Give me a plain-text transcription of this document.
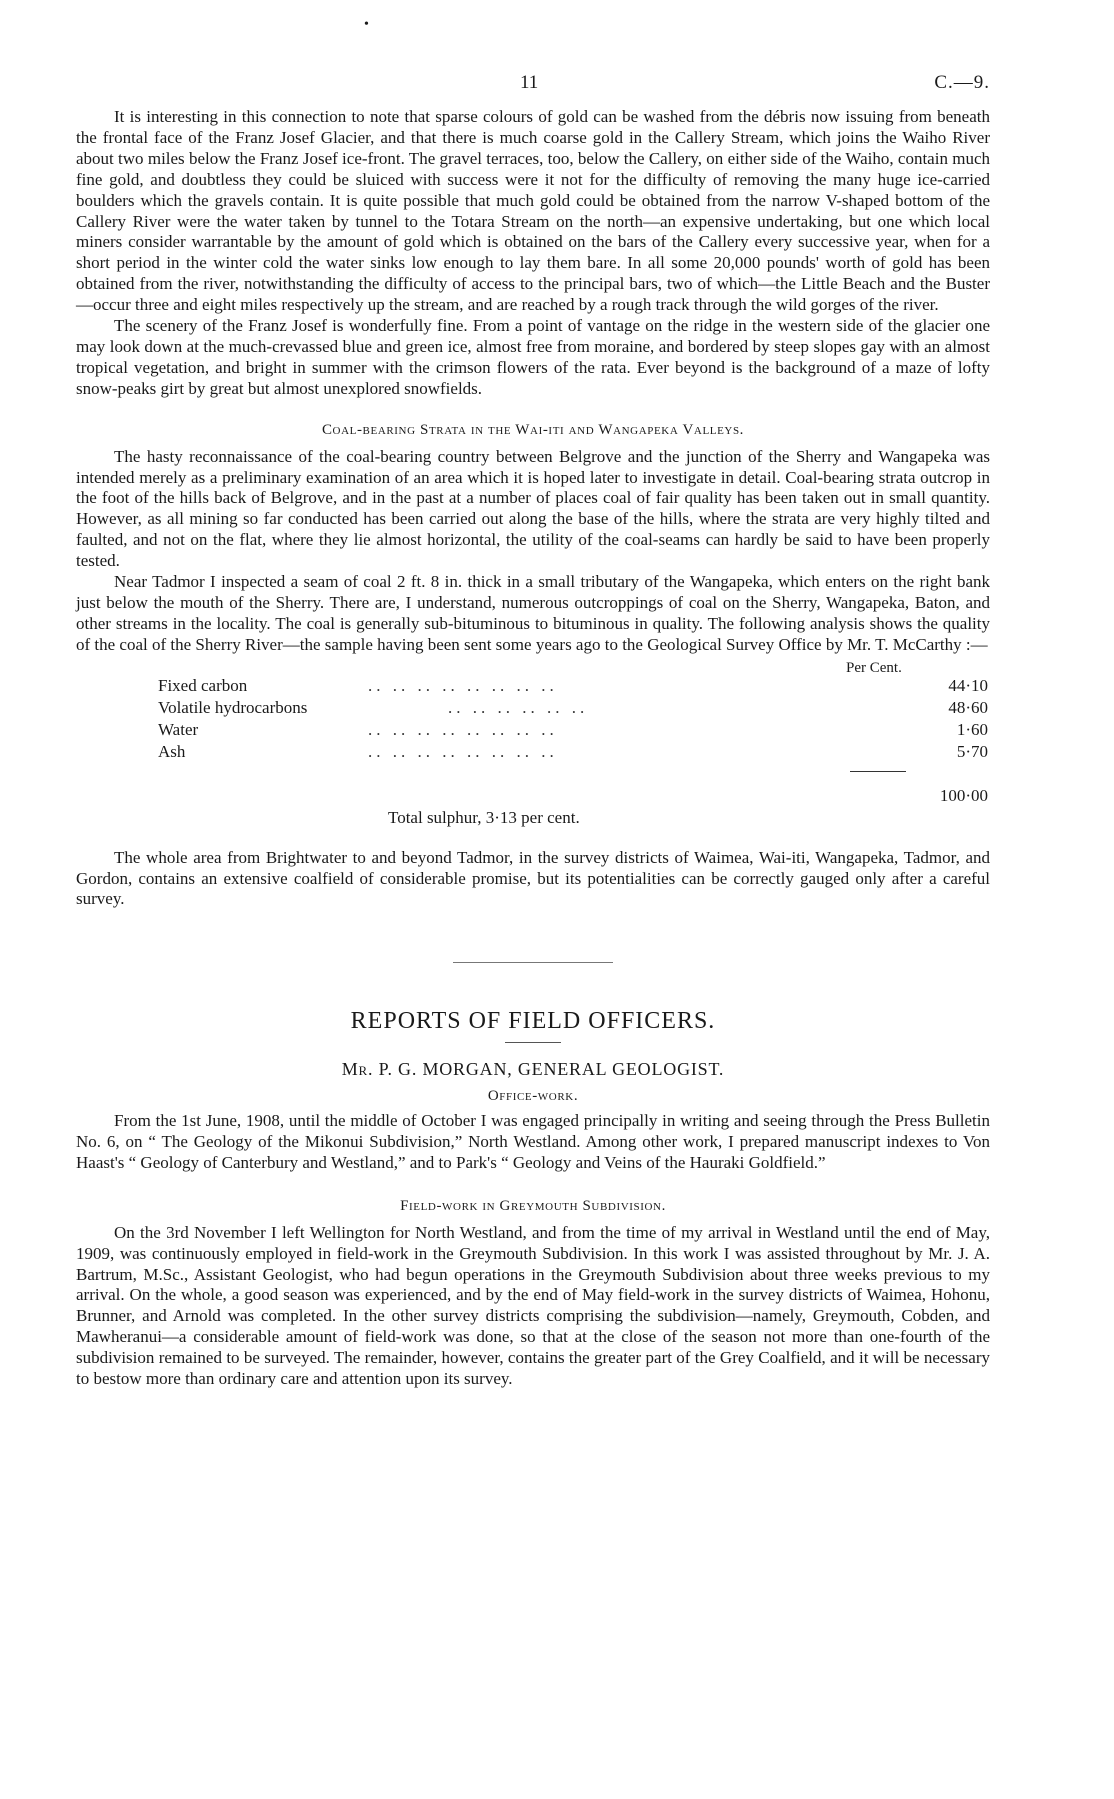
•
11	C.—9.

It is interesting in this connection to note that sparse colours of gold can be washed from the débris now issuing from beneath the frontal face of the Franz Josef Glacier, and that there is much coarse gold in the Callery Stream, which joins the Waiho River about two miles below the Franz Josef ice-front. The gravel terraces, too, below the Callery, on either side of the Waiho, contain much fine gold, and doubtless they could be sluiced with success were it not for the difficulty of removing the many huge ice-carried boulders which the gravels contain. It is quite possible that much gold could be obtained from the narrow V-shaped bottom of the Callery River were the water taken by tunnel to the Totara Stream on the north—an expensive undertaking, but one which local miners consider warrantable by the amount of gold which is obtained on the bars of the Callery every successive year, when for a short period in the winter cold the water sinks low enough to lay them bare. In all some 20,000 pounds' worth of gold has been obtained from the river, notwithstanding the difficulty of access to the principal bars, two of which—the Little Beach and the Buster—occur three and eight miles respectively up the stream, and are reached by a rough track through the wild gorges of the river.

The scenery of the Franz Josef is wonderfully fine. From a point of vantage on the ridge in the western side of the glacier one may look down at the much-crevassed blue and green ice, almost free from moraine, and bordered by steep slopes gay with an almost tropical vegetation, and bright in summer with the crimson flowers of the rata. Ever beyond is the background of a maze of lofty snow-peaks girt by great but almost unexplored snowfields.

Coal-bearing Strata in the Wai-iti and Wangapeka Valleys.

The hasty reconnaissance of the coal-bearing country between Belgrove and the junction of the Sherry and Wangapeka was intended merely as a preliminary examination of an area which it is hoped later to investigate in detail. Coal-bearing strata outcrop in the foot of the hills back of Belgrove, and in the past at a number of places coal of fair quality has been taken out in small quantity. However, as all mining so far conducted has been carried out along the base of the hills, where the strata are very highly tilted and faulted, and not on the flat, where they lie almost horizontal, the utility of the coal-seams can hardly be said to have been properly tested.

Near Tadmor I inspected a seam of coal 2 ft. 8 in. thick in a small tributary of the Wangapeka, which enters on the right bank just below the mouth of the Sherry. There are, I understand, numerous outcroppings of coal on the Sherry, Wangapeka, Baton, and other streams in the locality. The coal is generally sub-bituminous to bituminous in quality. The following analysis shows the quality of the coal of the Sherry River—the sample having been sent some years ago to the Geological Survey Office by Mr. T. McCarthy :—

Per Cent.
Fixed carbon	.. .. .. .. .. .. .. ..	44·10
Volatile hydrocarbons	.. .. .. .. .. ..	48·60
Water	.. .. .. .. .. .. .. ..	1·60
Ash	.. .. .. .. .. .. .. ..	5·70
100·00
Total sulphur, 3·13 per cent.

The whole area from Brightwater to and beyond Tadmor, in the survey districts of Waimea, Wai-iti, Wangapeka, Tadmor, and Gordon, contains an extensive coalfield of considerable promise, but its potentialities can be correctly gauged only after a careful survey.

REPORTS OF FIELD OFFICERS.
Mr. P. G. MORGAN, GENERAL GEOLOGIST.
Office-work.

From the 1st June, 1908, until the middle of October I was engaged principally in writing and seeing through the Press Bulletin No. 6, on “ The Geology of the Mikonui Subdivision,” North Westland. Among other work, I prepared manuscript indexes to Von Haast's “ Geology of Canterbury and Westland,” and to Park's “ Geology and Veins of the Hauraki Goldfield.”

Field-work in Greymouth Subdivision.

On the 3rd November I left Wellington for North Westland, and from the time of my arrival in Westland until the end of May, 1909, was continuously employed in field-work in the Greymouth Subdivision. In this work I was assisted throughout by Mr. J. A. Bartrum, M.Sc., Assistant Geologist, who had begun operations in the Greymouth Subdivision about three weeks previous to my arrival. On the whole, a good season was experienced, and by the end of May field-work in the survey districts of Waimea, Hohonu, Brunner, and Arnold was completed. In the other survey districts comprising the subdivision—namely, Greymouth, Cobden, and Mawheranui—a considerable amount of field-work was done, so that at the close of the season not more than one-fourth of the subdivision remained to be surveyed. The remainder, however, contains the greater part of the Grey Coalfield, and it will be necessary to bestow more than ordinary care and attention upon its survey.
